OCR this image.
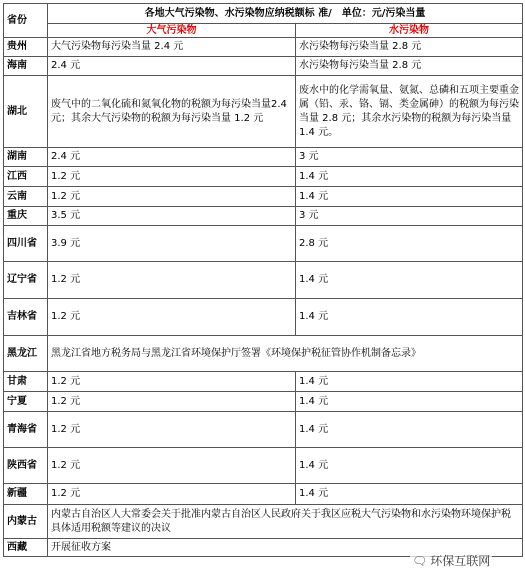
省份	各地大气污染物、水污染物应纳税额标 准/　单位：元/污染当量	
	大气污染物	水污染物
贵州	大气污染物每污染当量 2.4 元	水污染物每污染当量 2.8 元
海南	2.4 元	水污染物每污染当量 2.8 元
湖北	废气中的二氧化硫和氮氧化物的税额为每污染当量2.4元；其余大气污染物的税额为每污染当量 1.2 元	废水中的化学需氧量、氨氮、总磷和五项主要重金属（铅、汞、铬、镉、类金属砷）的税额为每污染当量 2.8 元；其余水污染物的税额为每污染当量 1.4 元。
湖南	2.4 元	3 元
江西	1.2 元	1.4 元
云南	1.2 元	1.4 元
重庆	3.5 元	3 元
四川省	3.9 元	2.8 元
辽宁省	1.2 元	1.4 元
吉林省	1.2 元	1.4 元
黑龙江	黑龙江省地方税务局与黑龙江省环境保护厅签署《环境保护税征管协作机制备忘录》	
甘肃	1.2 元	1.4 元
宁夏	1.2 元	1.4 元
青海省	1.2 元	1.4 元
陕西省	1.2 元	1.4 元
新疆	1.2 元	1.4 元
内蒙古	内蒙古自治区人大常委会关于批准内蒙古自治区人民政府关于我区应税大气污染物和水污染物环境保护税具体适用税额等建议的决议	
西藏	开展征收方案	
🗨 环保互联网
